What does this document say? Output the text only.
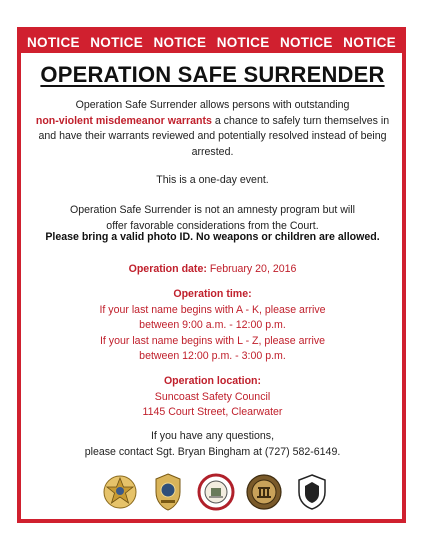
NOTICE NOTICE NOTICE NOTICE NOTICE NOTICE
OPERATION SAFE SURRENDER
Operation Safe Surrender allows persons with outstanding
non-violent misdemeanor warrants a chance to safely turn themselves in and have their warrants reviewed and potentially resolved instead of being arrested.
This is a one-day event.
Operation Safe Surrender is not an amnesty program but will
offer favorable considerations from the Court.
Please bring a valid photo ID. No weapons or children are allowed.
Operation date: February 20, 2016
Operation time:
If your last name begins with A - K, please arrive
between 9:00 a.m. - 12:00 p.m.
If your last name begins with L - Z, please arrive
between 12:00 p.m. - 3:00 p.m.
Operation location:
Suncoast Safety Council
1145 Court Street, Clearwater
If you have any questions,
please contact Sgt. Bryan Bingham at (727) 582-6149.
